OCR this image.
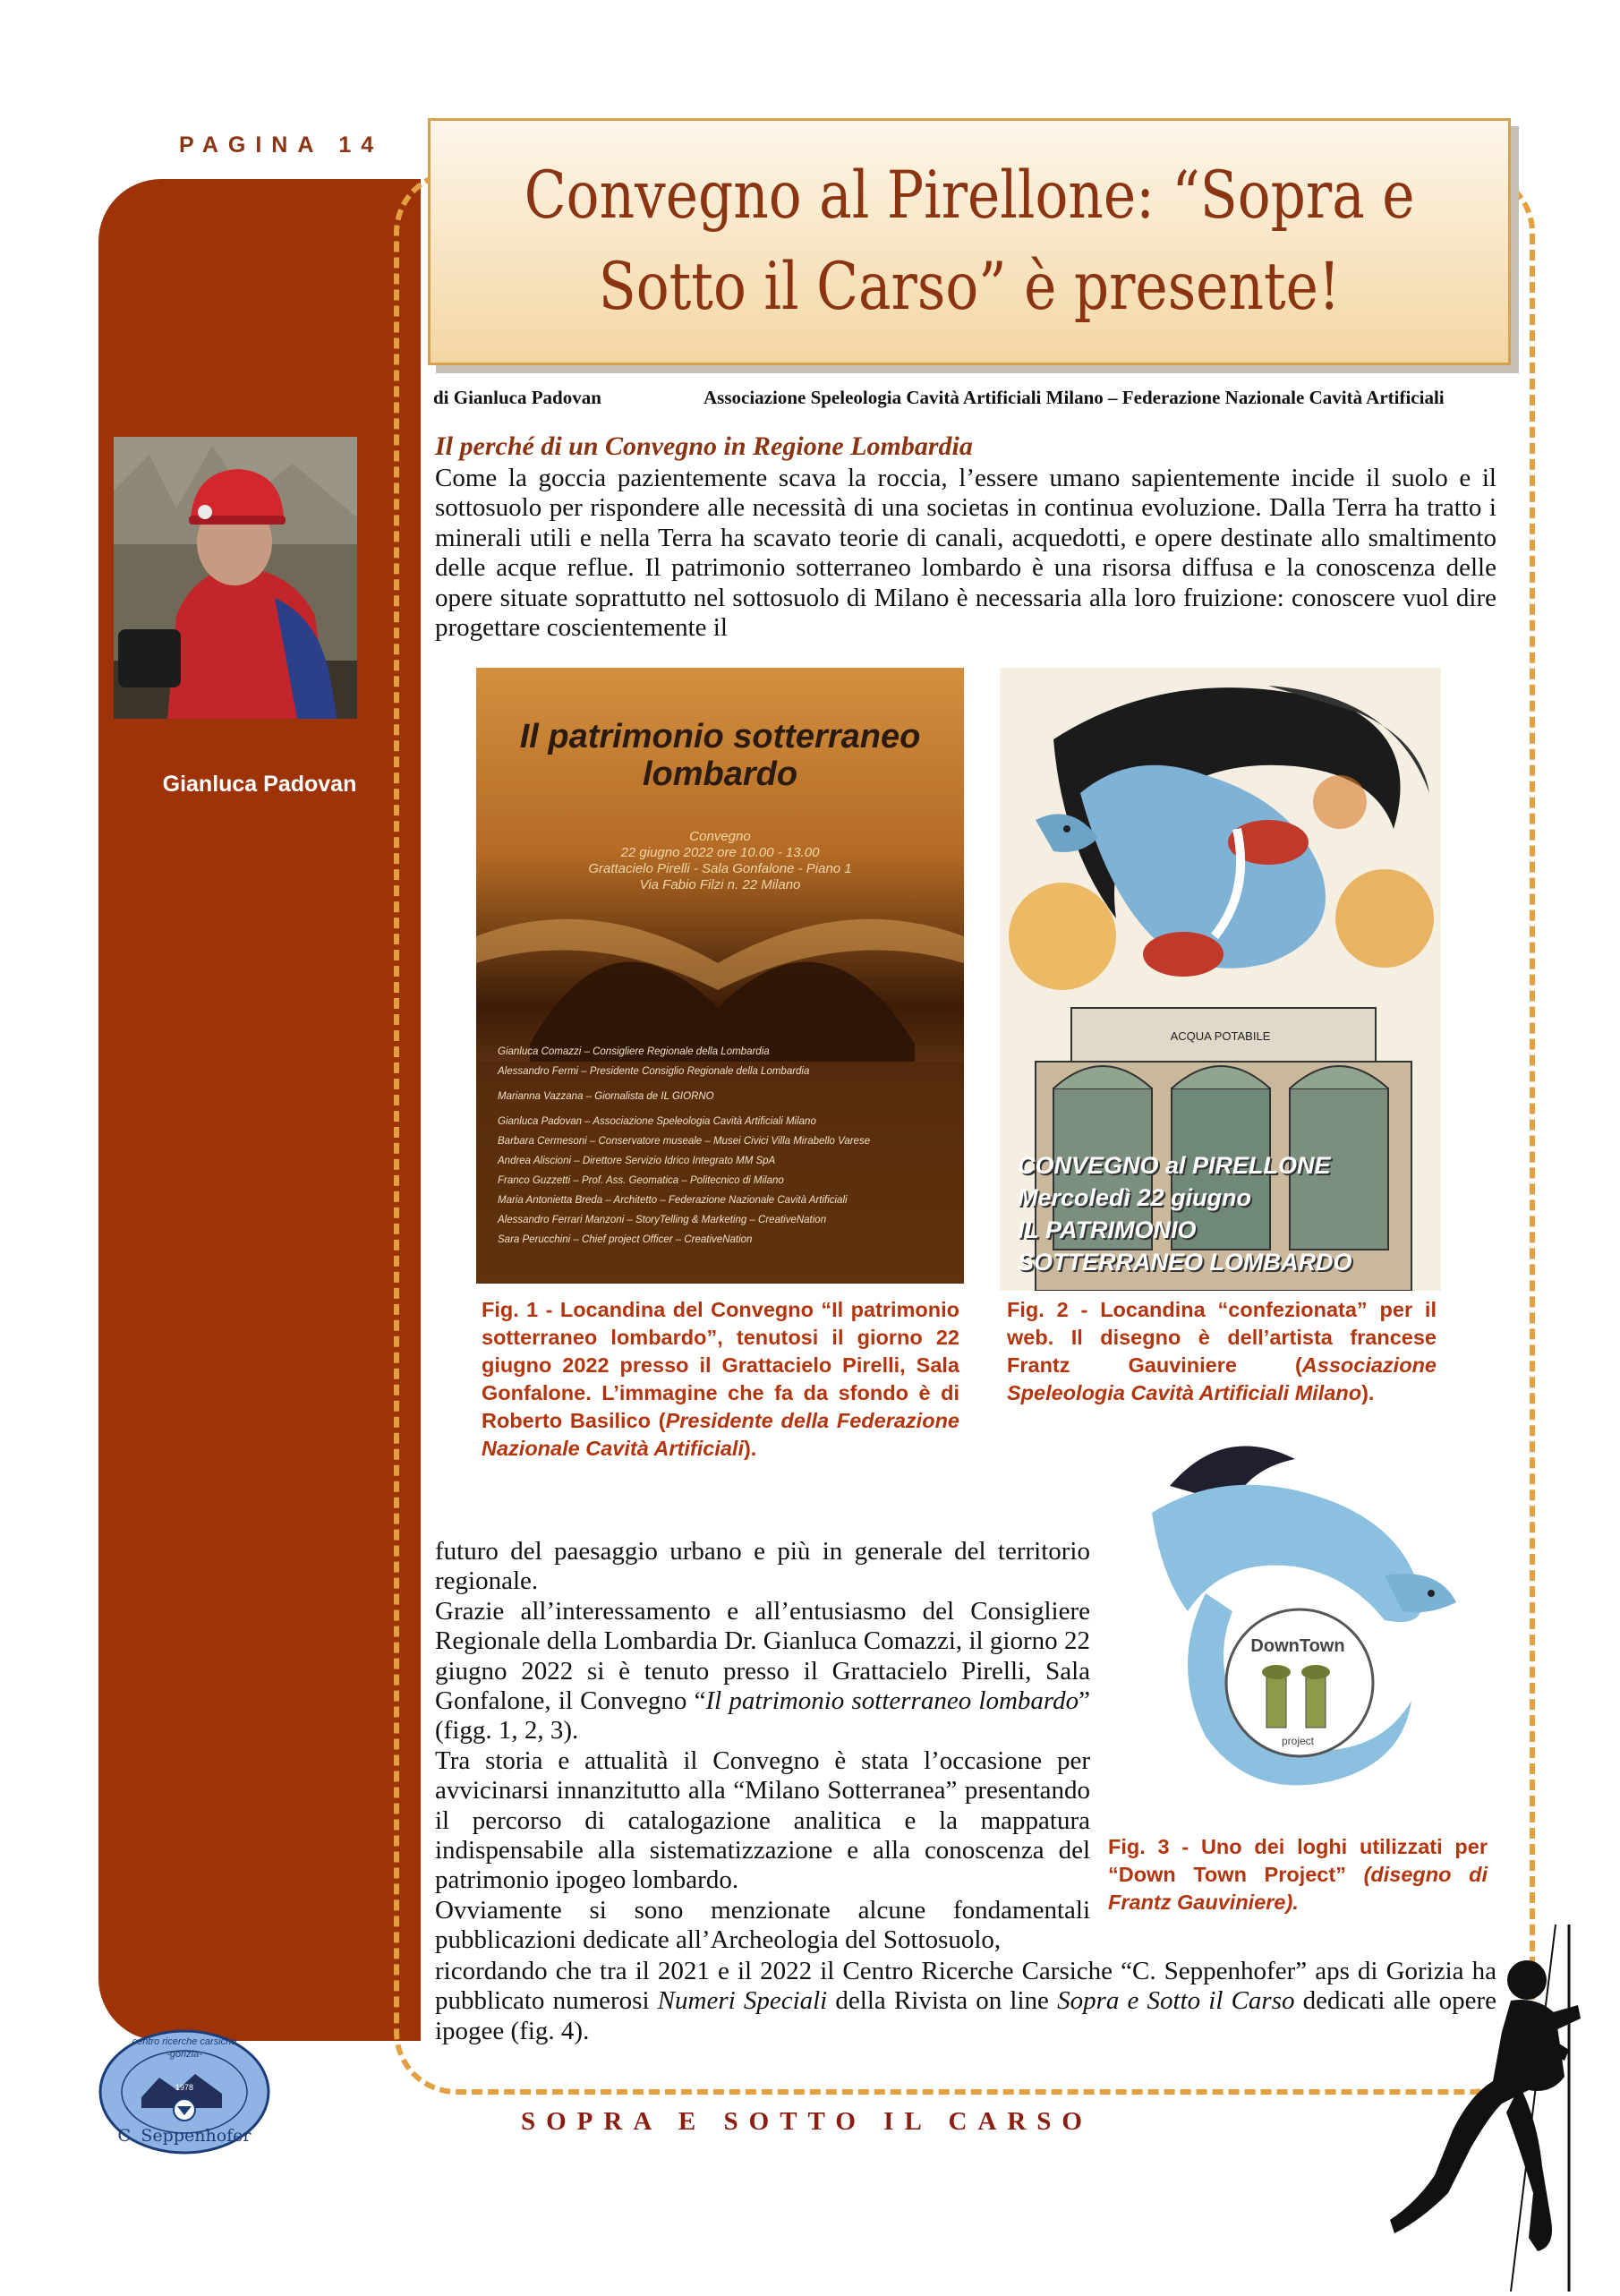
PAGINA 14
Convegno al Pirellone: “Sopra e
Sotto il Carso” è presente!
di Gianluca Padovan	Associazione Speleologia Cavità Artificiali Milano – Federazione Nazionale Cavità Artificiali
Gianluca Padovan
Il perché di un Convegno in Regione Lombardia
Come la goccia pazientemente scava la roccia, l’essere umano sapientemente incide il suolo e il sottosuolo per rispondere alle necessità di una societas in continua evoluzione. Dalla Terra ha tratto i minerali utili e nella Terra ha scavato teorie di canali, acquedotti, e opere destinate allo smaltimento delle acque reflue. Il patrimonio sotterraneo lombardo è una risorsa diffusa e la conoscenza delle opere situate soprattutto nel sottosuolo di Milano è necessaria alla loro fruizione: conoscere vuol dire progettare coscientemente il
Il patrimonio sotterraneo
lombardo
Convegno
22 giugno 2022 ore 10.00 - 13.00
Grattacielo Pirelli - Sala Gonfalone - Piano 1
Via Fabio Filzi n. 22 Milano
Gianluca Comazzi – Consigliere Regionale della Lombardia
Alessandro Fermi – Presidente Consiglio Regionale della Lombardia
Marianna Vazzana – Giornalista de IL GIORNO
Gianluca Padovan – Associazione Speleologia Cavità Artificiali Milano
Barbara Cermesoni – Conservatore museale – Musei Civici Villa Mirabello Varese
Andrea Aliscioni – Direttore Servizio Idrico Integrato MM SpA
Franco Guzzetti – Prof. Ass. Geomatica – Politecnico di Milano
Maria Antonietta Breda – Architetto – Federazione Nazionale Cavità Artificiali
Alessandro Ferrari Manzoni – StoryTelling & Marketing – CreativeNation
Sara Perucchini – Chief project Officer – CreativeNation
ACQUA POTABILE
CONVEGNO al PIRELLONE
Mercoledì 22 giugno
IL PATRIMONIO
SOTTERRANEO LOMBARDO
Fig. 1 - Locandina del Convegno “Il patrimonio sotterraneo lombardo”, tenutosi il giorno 22 giugno 2022 presso il Grattacielo Pirelli, Sala Gonfalone. L’immagine che fa da sfondo è di Roberto Basilico (Presidente della Federazione Nazionale Cavità Artificiali).
Fig. 2 - Locandina “confezionata” per il web. Il disegno è dell’artista francese Frantz Gauviniere (Associazione Speleologia Cavità Artificiali Milano).
DownTown
project
futuro del paesaggio urbano e più in generale del territorio regionale.
Grazie all’interessamento e all’entusiasmo del Consigliere Regionale della Lombardia Dr. Gianluca Comazzi, il giorno 22 giugno 2022 si è tenuto presso il Grattacielo Pirelli, Sala Gonfalone, il Convegno “Il patrimonio sotterraneo lombardo” (figg. 1, 2, 3).
Tra storia e attualità il Convegno è stata l’occasione per avvicinarsi innanzitutto alla “Milano Sotterranea” presentando il percorso di catalogazione analitica e la mappatura indispensabile alla sistematizzazione e alla conoscenza del patrimonio ipogeo lombardo.
Ovviamente si sono menzionate alcune fondamentali pubblicazioni dedicate all’Archeologia del Sottosuolo,
Fig. 3 - Uno dei loghi utilizzati per “Down Town Project” (disegno di Frantz Gauviniere).
ricordando che tra il 2021 e il 2022 il Centro Ricerche Carsiche “C. Seppenhofer” aps di Gorizia ha pubblicato numerosi Numeri Speciali della Rivista on line Sopra e Sotto il Carso dedicati alle opere ipogee (fig. 4).
centro ricerche carsiche
-gorizia-
1978
C. Seppenhofer	SOPRA E SOTTO IL CARSO
